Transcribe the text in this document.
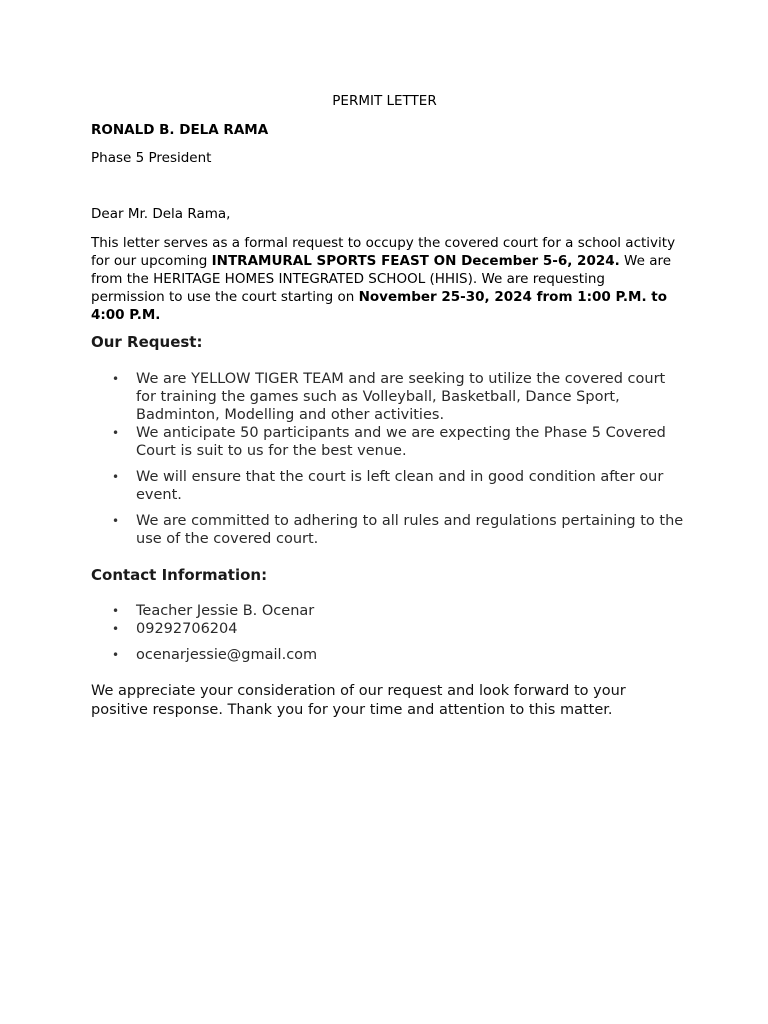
PERMIT LETTER
RONALD B. DELA RAMA
Phase 5 President
Dear Mr. Dela Rama,

This letter serves as a formal request to occupy the covered court for a school activity for our upcoming INTRAMURAL SPORTS FEAST ON December 5-6, 2024. We are from the HERITAGE HOMES INTEGRATED SCHOOL (HHIS). We are requesting permission to use the court starting on November 25-30, 2024 from 1:00 P.M. to 4:00 P.M.

Our Request:
• We are YELLOW TIGER TEAM and are seeking to utilize the covered court for training the games such as Volleyball, Basketball, Dance Sport, Badminton, Modelling and other activities.
• We anticipate 50 participants and we are expecting the Phase 5 Covered Court is suit to us for the best venue.
• We will ensure that the court is left clean and in good condition after our event.
• We are committed to adhering to all rules and regulations pertaining to the use of the covered court.
Contact Information:
• Teacher Jessie B. Ocenar
• 09292706204
• ocenarjessie@gmail.com

We appreciate your consideration of our request and look forward to your positive response. Thank you for your time and attention to this matter.
